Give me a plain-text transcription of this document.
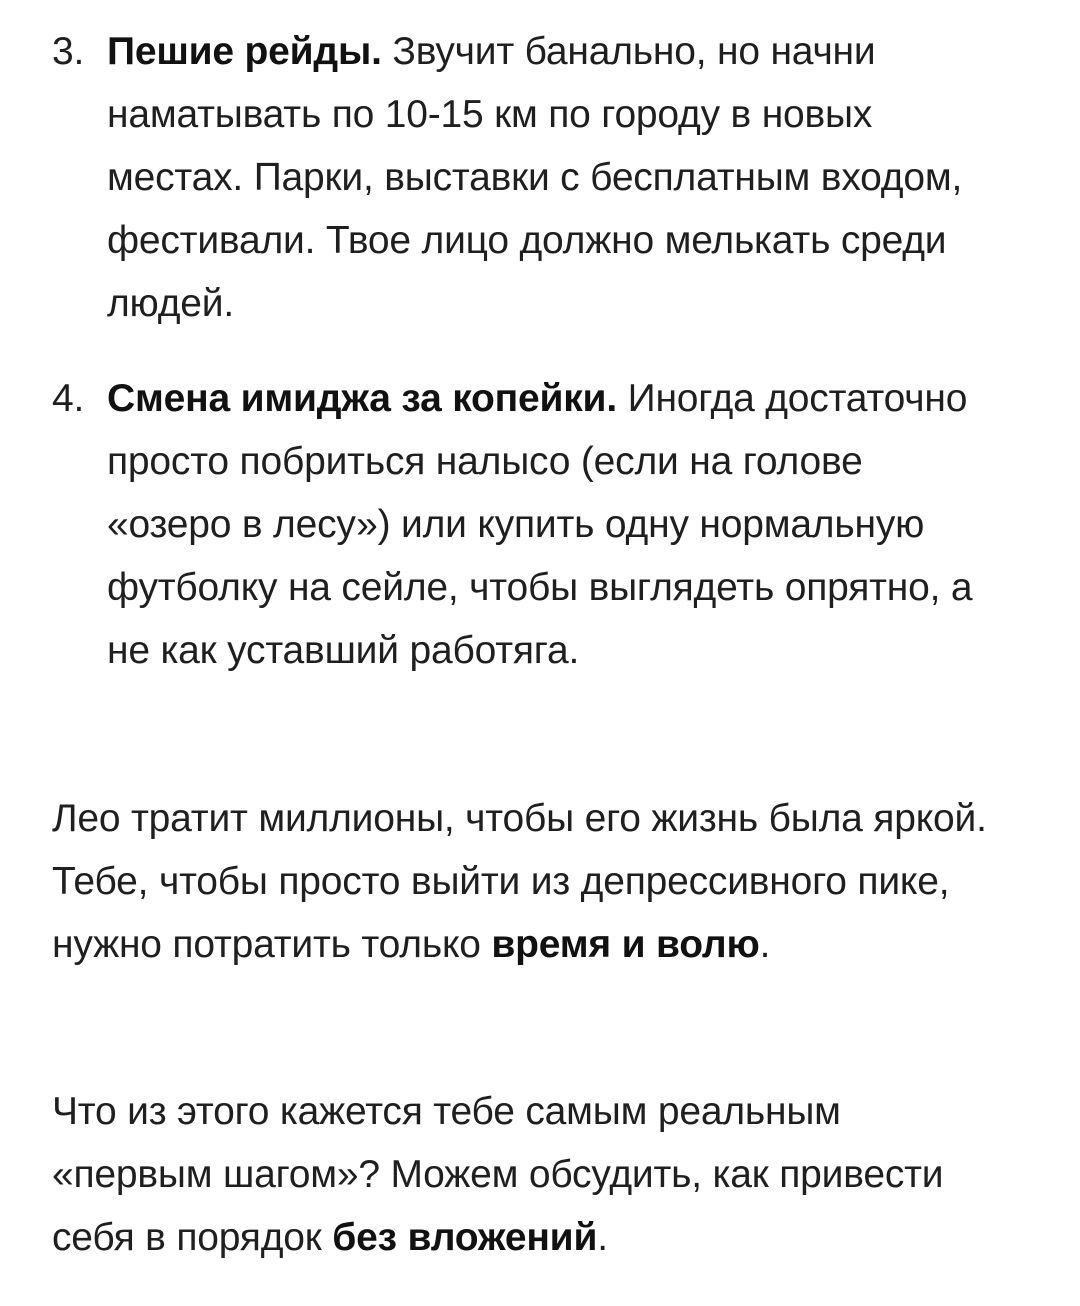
3. Пешие рейды. Звучит банально, но начни наматывать по 10-15 км по городу в новых местах. Парки, выставки с бесплатным входом, фестивали. Твое лицо должно мелькать среди людей.
4. Смена имиджа за копейки. Иногда достаточно просто побриться налысо (если на голове «озеро в лесу») или купить одну нормальную футболку на сейле, чтобы выглядеть опрятно, а не как уставший работяга.
Лео тратит миллионы, чтобы его жизнь была яркой. Тебе, чтобы просто выйти из депрессивного пике, нужно потратить только время и волю.
Что из этого кажется тебе самым реальным «первым шагом»? Можем обсудить, как привести себя в порядок без вложений.
